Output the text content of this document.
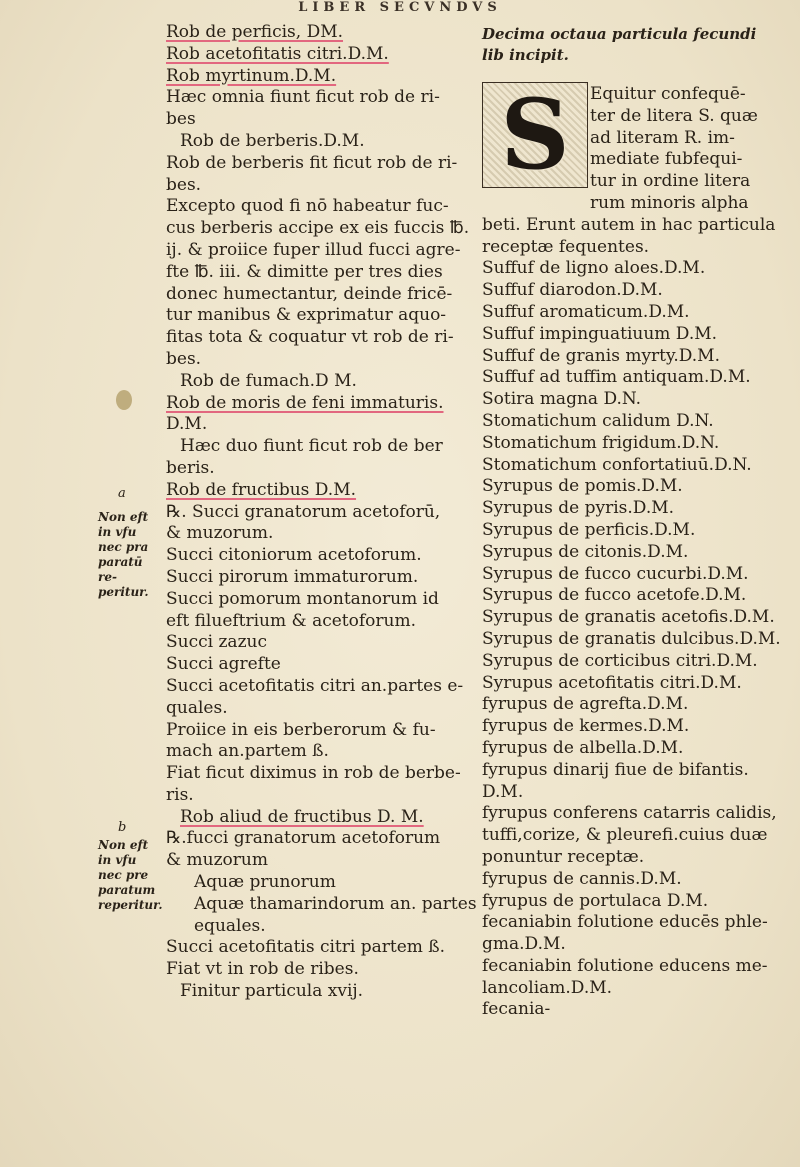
LIBER SECVNDVS
a
Non eft in vfu nec pra paratū re- peritur.
b
Non eft in vfu nec pre paratum reperitur.
Rob de perficis, DM.
Rob acetofitatis citri.D.M.
Rob myrtinum.D.M.
Hæc omnia fiunt ficut rob de ri-
bes
Rob de berberis.D.M.
Rob de berberis fit ficut rob de ri-
bes.
Excepto quod fi nō habeatur fuc-
cus berberis accipe ex eis fuccis ℔.
ij. & proiice fuper illud fucci agre-
fte ℔. iii. & dimitte per tres dies
donec humectantur, deinde fricē-
tur manibus & exprimatur aquo-
fitas tota & coquatur vt rob de ri-
bes.
Rob de fumach.D M.
Rob de moris de feni immaturis.
D.M.
Hæc duo fiunt ficut rob de ber
beris.
Rob de fructibus D.M.
℞. Succi granatorum acetoforū,
& muzorum.
Succi citoniorum acetoforum.
Succi pirorum immaturorum.
Succi pomorum montanorum id
eft filueftrium & acetoforum.
Succi zazuc
Succi agrefte
Succi acetofitatis citri an.partes e-
quales.
Proiice in eis berberorum & fu-
mach an.partem ß.
Fiat ficut diximus in rob de berbe-
ris.
Rob aliud de fructibus D. M.
℞.fucci granatorum acetoforum
& muzorum
Aquæ prunorum
Aquæ thamarindorum an. partes
equales.
Succi acetofitatis citri partem ß.
Fiat vt in rob de ribes.
Finitur particula xvij.
Decima octaua particula fecundi lib incipit.
S Equitur confequē-
ter de litera S. quæ
ad literam R. im-
mediate fubfequi-
tur in ordine litera
rum minoris alpha
beti. Erunt autem in hac particula
receptæ fequentes.
Suffuf de ligno aloes.D.M.
Suffuf diarodon.D.M.
Suffuf aromaticum.D.M.
Suffuf impinguatiuum D.M.
Suffuf de granis myrty.D.M.
Suffuf ad tuffim antiquam.D.M.
Sotira magna D.N.
Stomatichum calidum D.N.
Stomatichum frigidum.D.N.
Stomatichum confortatiuū.D.N.
Syrupus de pomis.D.M.
Syrupus de pyris.D.M.
Syrupus de perficis.D.M.
Syrupus de citonis.D.M.
Syrupus de fucco cucurbi.D.M.
Syrupus de fucco acetofe.D.M.
Syrupus de granatis acetofis.D.M.
Syrupus de granatis dulcibus.D.M.
Syrupus de corticibus citri.D.M.
Syrupus acetofitatis citri.D.M.
fyrupus de agrefta.D.M.
fyrupus de kermes.D.M.
fyrupus de albella.D.M.
fyrupus dinarij fiue de bifantis.
D.M.
fyrupus conferens catarris calidis,
tuffi,corize, & pleurefi.cuius duæ
ponuntur receptæ.
fyrupus de cannis.D.M.
fyrupus de portulaca D.M.
fecaniabin folutione educēs phle-
gma.D.M.
fecaniabin folutione educens me-
lancoliam.D.M.
fecania-
